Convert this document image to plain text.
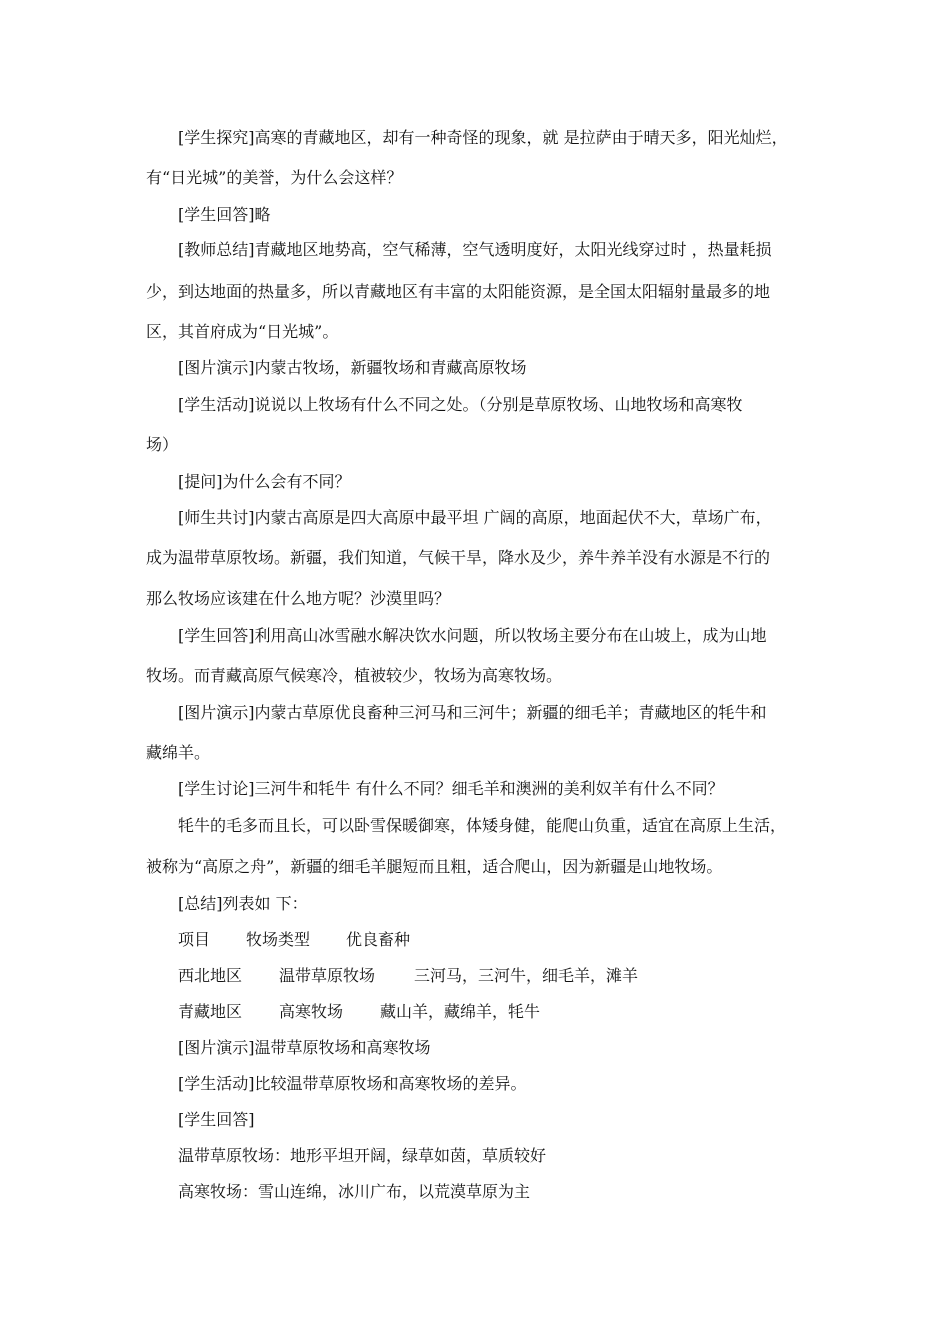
[学生探究]高寒的青藏地区，却有一种奇怪的现象，就 是拉萨由于晴天多，阳光灿烂，
有“日光城”的美誉，为什么会这样？
[学生回答]略
[教师总结]青藏地区地势高，空气稀薄，空气透明度好，太阳光线穿过时 ，热量耗损
少，到达地面的热量多，所以青藏地区有丰富的太阳能资源，是全国太阳辐射量最多的地
区，其首府成为“日光城”。
[图片演示]内蒙古牧场，新疆牧场和青藏高原牧场
[学生活动]说说以上牧场有什么不同之处。（分别是草原牧场、山地牧场和高寒牧
场）
[提问]为什么会有不同？
[师生共讨]内蒙古高原是四大高原中最平坦 广阔的高原，地面起伏不大，草场广布，
成为温带草原牧场。新疆，我们知道，气候干旱，降水及少，养牛养羊没有水源是不行的
那么牧场应该建在什么地方呢？沙漠里吗？
[学生回答]利用高山冰雪融水解决饮水问题，所以牧场主要分布在山坡上，成为山地
牧场。而青藏高原气候寒冷，植被较少，牧场为高寒牧场。
[图片演示]内蒙古草原优良畜种三河马和三河牛；新疆的细毛羊；青藏地区的牦牛和
藏绵羊。
[学生讨论]三河牛和牦牛 有什么不同？细毛羊和澳洲的美利奴羊有什么不同？
牦牛的毛多而且长，可以卧雪保暖御寒，体矮身健，能爬山负重，适宜在高原上生活，
被称为“高原之舟”，新疆的细毛羊腿短而且粗，适合爬山，因为新疆是山地牧场。
[总结]列表如 下：
项目 牧场类型 优良畜种
西北地区 温带草原牧场 三河马，三河牛，细毛羊，滩羊
青藏地区 高寒牧场 藏山羊，藏绵羊，牦牛
[图片演示]温带草原牧场和高寒牧场
[学生活动]比较温带草原牧场和高寒牧场的差异。
[学生回答]
温带草原牧场：地形平坦开阔，绿草如茵，草质较好
高寒牧场：雪山连绵，冰川广布，以荒漠草原为主
